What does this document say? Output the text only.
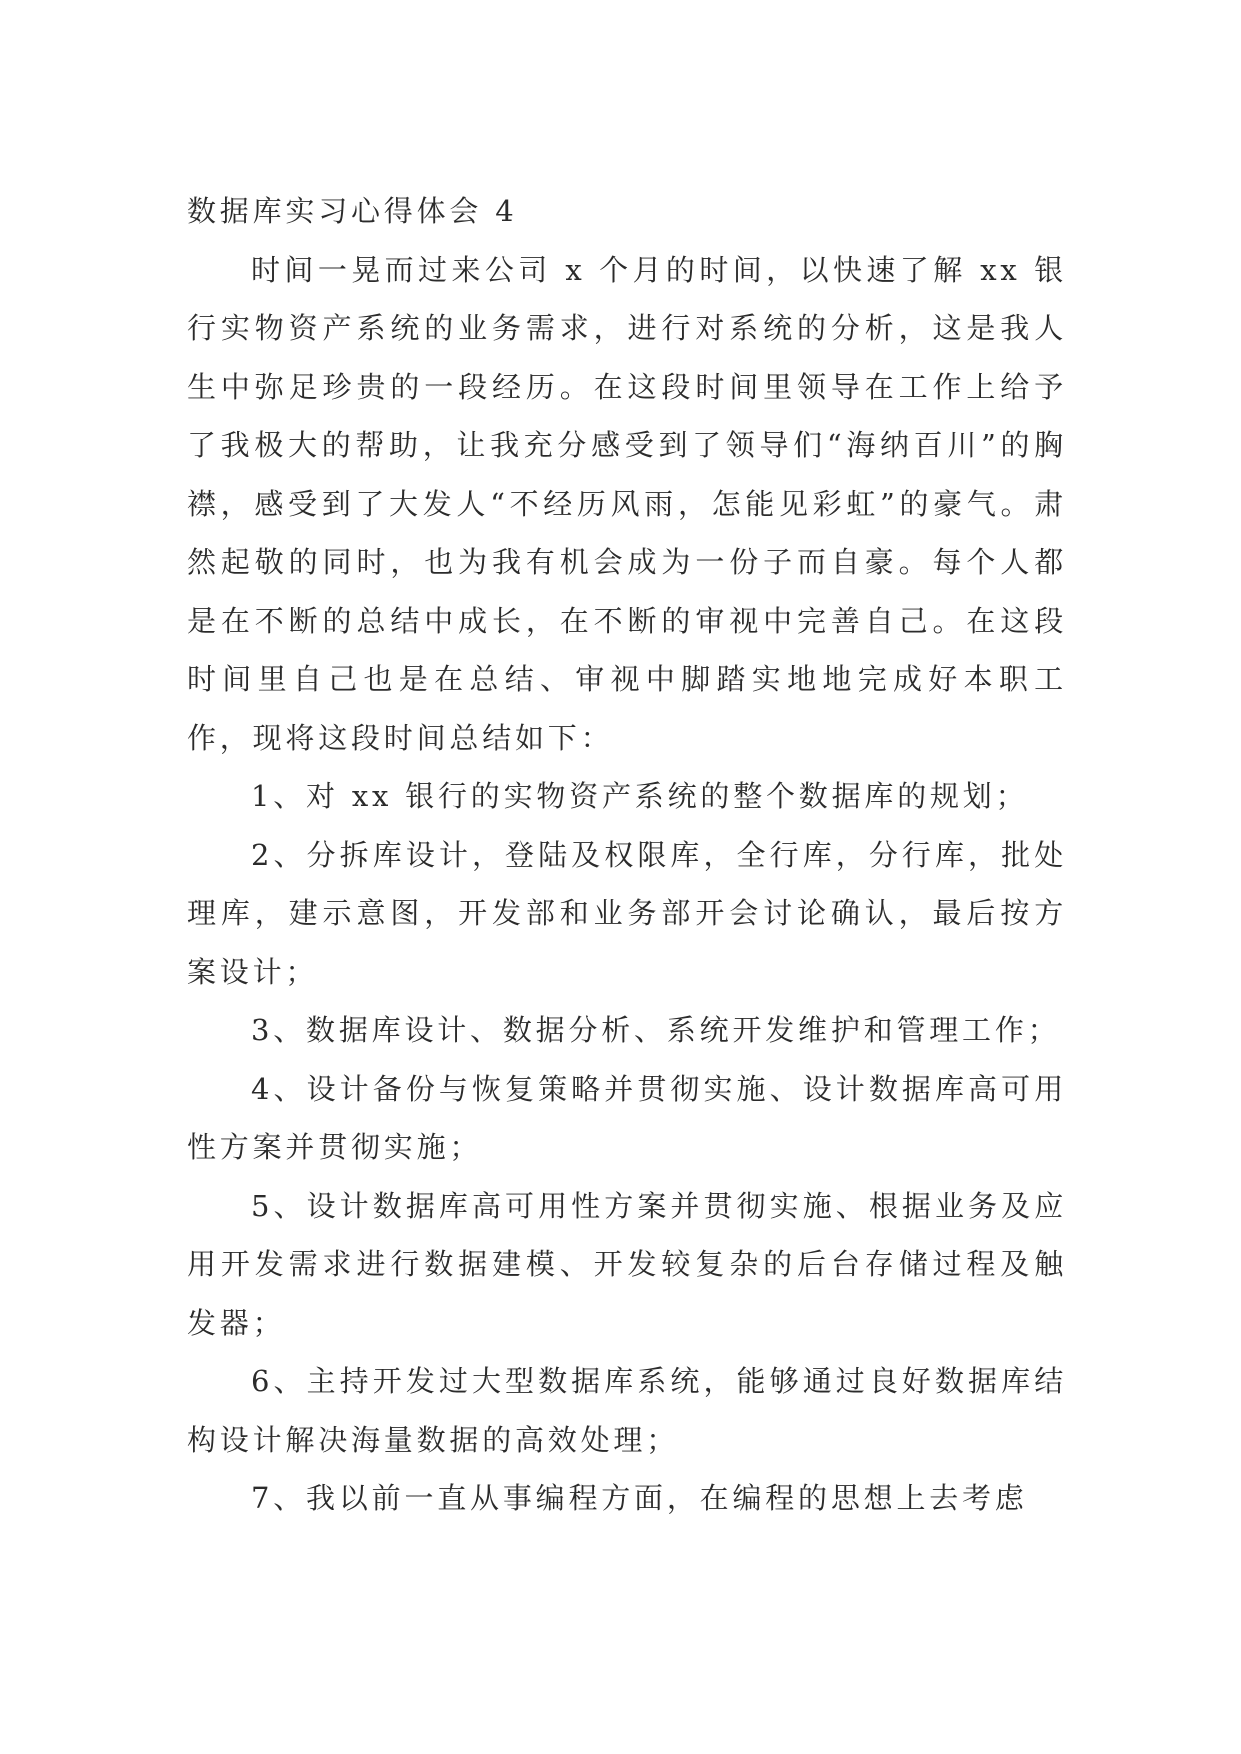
数据库实习心得体会 4

时间一晃而过来公司 x 个月的时间，以快速了解 xx 银行实物资产系统的业务需求，进行对系统的分析，这是我人生中弥足珍贵的一段经历。在这段时间里领导在工作上给予了我极大的帮助，让我充分感受到了领导们“海纳百川”的胸襟，感受到了大发人“不经历风雨，怎能见彩虹”的豪气。肃然起敬的同时，也为我有机会成为一份子而自豪。每个人都是在不断的总结中成长，在不断的审视中完善自己。在这段时间里自己也是在总结、审视中脚踏实地地完成好本职工作，现将这段时间总结如下：

1、对 xx 银行的实物资产系统的整个数据库的规划；

2、分拆库设计，登陆及权限库，全行库，分行库，批处理库，建示意图，开发部和业务部开会讨论确认，最后按方案设计；

3、数据库设计、数据分析、系统开发维护和管理工作；

4、设计备份与恢复策略并贯彻实施、设计数据库高可用性方案并贯彻实施；

5、设计数据库高可用性方案并贯彻实施、根据业务及应用开发需求进行数据建模、开发较复杂的后台存储过程及触发器；

6、主持开发过大型数据库系统，能够通过良好数据库结构设计解决海量数据的高效处理；

7、我以前一直从事编程方面，在编程的思想上去考虑
